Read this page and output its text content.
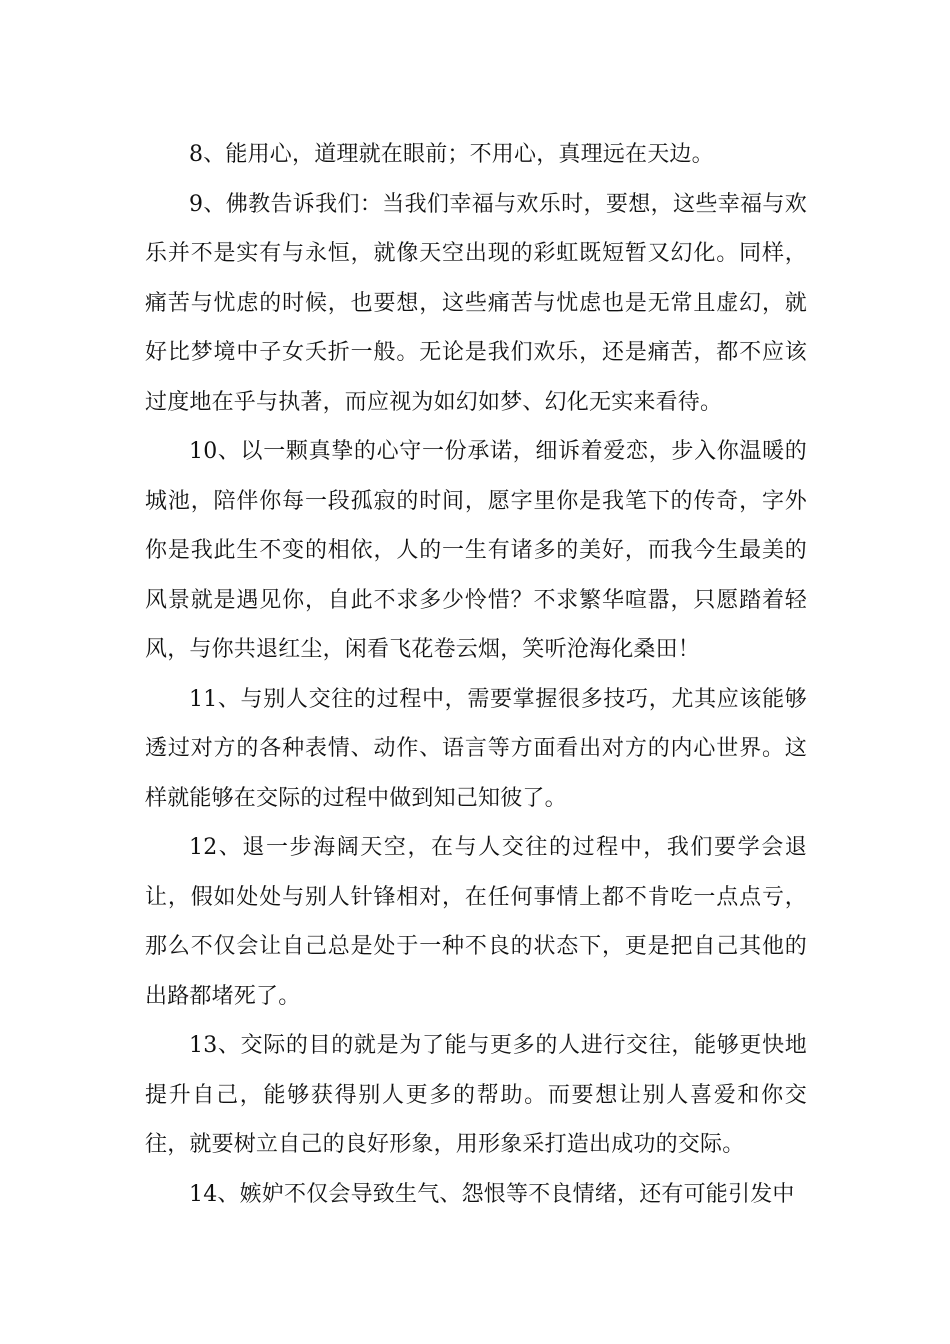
8、能用心，道理就在眼前；不用心，真理远在天边。

9、佛教告诉我们：当我们幸福与欢乐时，要想，这些幸福与欢乐并不是实有与永恒，就像天空出现的彩虹既短暂又幻化。同样，痛苦与忧虑的时候，也要想，这些痛苦与忧虑也是无常且虚幻，就好比梦境中子女夭折一般。无论是我们欢乐，还是痛苦，都不应该过度地在乎与执著，而应视为如幻如梦、幻化无实来看待。

10、以一颗真挚的心守一份承诺，细诉着爱恋，步入你温暖的城池，陪伴你每一段孤寂的时间，愿字里你是我笔下的传奇，字外你是我此生不变的相依，人的一生有诸多的美好，而我今生最美的风景就是遇见你，自此不求多少怜惜？不求繁华喧嚣，只愿踏着轻风，与你共退红尘，闲看飞花卷云烟，笑听沧海化桑田！

11、与别人交往的过程中，需要掌握很多技巧，尤其应该能够透过对方的各种表情、动作、语言等方面看出对方的内心世界。这样就能够在交际的过程中做到知己知彼了。

12、退一步海阔天空，在与人交往的过程中，我们要学会退让，假如处处与别人针锋相对，在任何事情上都不肯吃一点点亏，那么不仅会让自己总是处于一种不良的状态下，更是把自己其他的出路都堵死了。

13、交际的目的就是为了能与更多的人进行交往，能够更快地提升自己，能够获得别人更多的帮助。而要想让别人喜爱和你交往，就要树立自己的良好形象，用形象采打造出成功的交际。

14、嫉妒不仅会导致生气、怨恨等不良情绪，还有可能引发中
